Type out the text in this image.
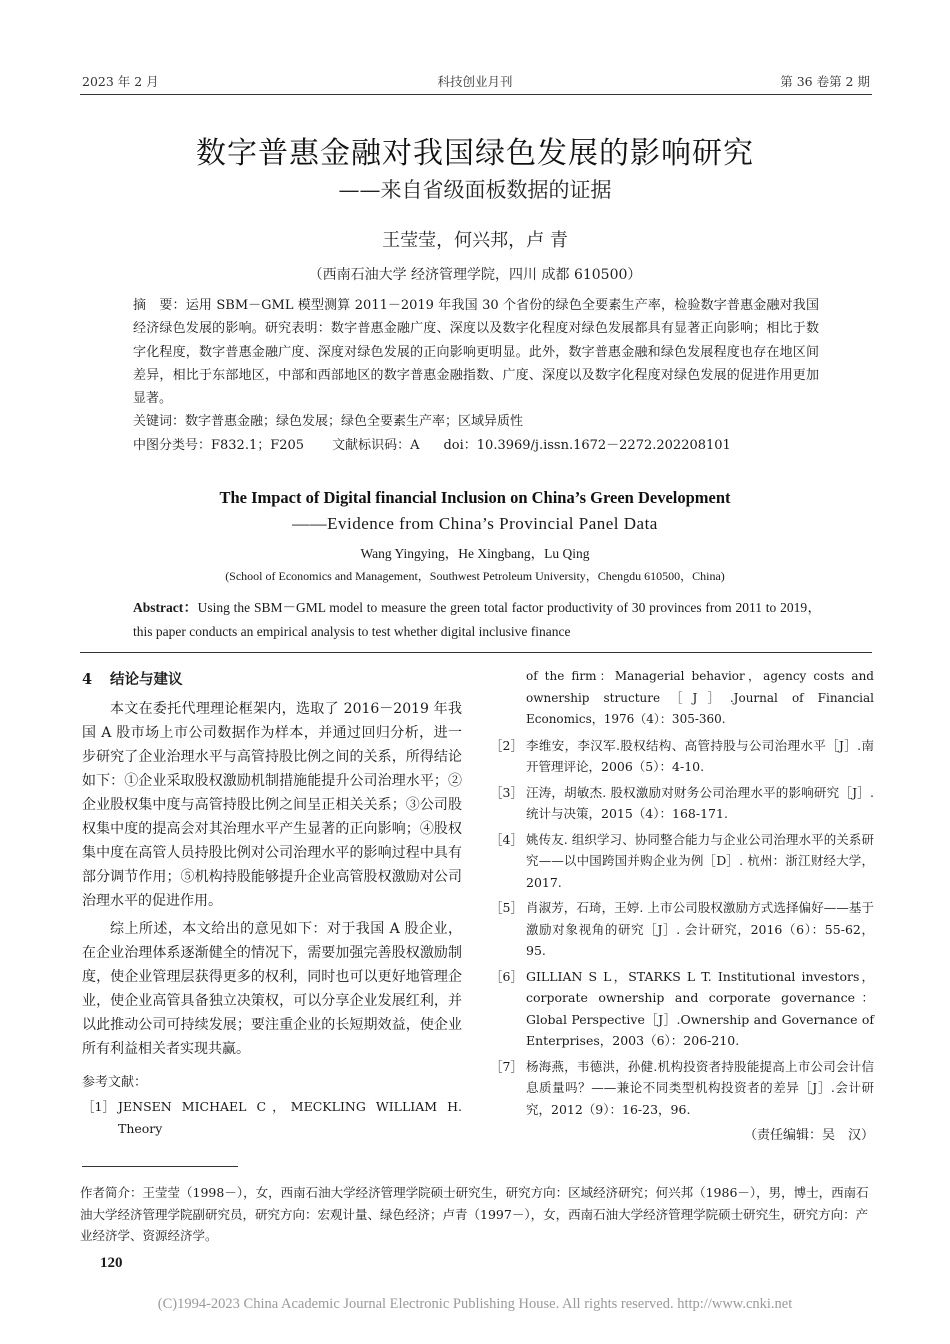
2023 年 2 月	科技创业月刊	第 36 卷第 2 期
数字普惠金融对我国绿色发展的影响研究
——来自省级面板数据的证据
王莹莹，何兴邦，卢 青
（西南石油大学 经济管理学院，四川 成都 610500）
摘　要：运用 SBM－GML 模型测算 2011－2019 年我国 30 个省份的绿色全要素生产率，检验数字普惠金融对我国经济绿色发展的影响。研究表明：数字普惠金融广度、深度以及数字化程度对绿色发展都具有显著正向影响；相比于数字化程度，数字普惠金融广度、深度对绿色发展的正向影响更明显。此外，数字普惠金融和绿色发展程度也存在地区间差异，相比于东部地区，中部和西部地区的数字普惠金融指数、广度、深度以及数字化程度对绿色发展的促进作用更加显著。
关键词：数字普惠金融；绿色发展；绿色全要素生产率；区域异质性
中图分类号：F832.1；F205 文献标识码：A doi：10.3969/j.issn.1672－2272.202208101
The Impact of Digital financial Inclusion on China’s Green Development
——Evidence from China’s Provincial Panel Data
Wang Yingying，He Xingbang，Lu Qing
(School of Economics and Management，Southwest Petroleum University，Chengdu 610500，China)
Abstract：Using the SBM－GML model to measure the green total factor productivity of 30 provinces from 2011 to 2019，this paper conducts an empirical analysis to test whether digital inclusive finance
4 结论与建议

本文在委托代理理论框架内，选取了 2016－2019 年我国 A 股市场上市公司数据作为样本，并通过回归分析，进一步研究了企业治理水平与高管持股比例之间的关系，所得结论如下：①企业采取股权激励机制措施能提升公司治理水平；②企业股权集中度与高管持股比例之间呈正相关关系；③公司股权集中度的提高会对其治理水平产生显著的正向影响；④股权集中度在高管人员持股比例对公司治理水平的影响过程中具有部分调节作用；⑤机构持股能够提升企业高管股权激励对公司治理水平的促进作用。

综上所述，本文给出的意见如下：对于我国 A 股企业，在企业治理体系逐渐健全的情况下，需要加强完善股权激励制度，使企业管理层获得更多的权利，同时也可以更好地管理企业，使企业高管具备独立决策权，可以分享企业发展红利，并以此推动公司可持续发展；要注重企业的长短期效益，使企业所有利益相关者实现共赢。

参考文献：
［1］ JENSEN MICHAEL C，MECKLING WILLIAM H. Theory
of the firm：Managerial behavior，agency costs and ownership structure［J］.Journal of Financial Economics，1976（4）：305-360.
［2］ 李维安，李汉军.股权结构、高管持股与公司治理水平［J］.南开管理评论，2006（5）：4-10.
［3］ 汪涛，胡敏杰. 股权激励对财务公司治理水平的影响研究［J］.统计与决策，2015（4）：168-171.
［4］ 姚传友. 组织学习、协同整合能力与企业公司治理水平的关系研究——以中国跨国并购企业为例［D］. 杭州：浙江财经大学，2017.
［5］ 肖淑芳，石琦，王婷. 上市公司股权激励方式选择偏好——基于激励对象视角的研究［J］. 会计研究，2016（6）：55-62，95.
［6］ GILLIAN S L，STARKS L T. Institutional investors，corporate ownership and corporate governance：Global Perspective［J］.Ownership and Governance of Enterprises，2003（6）：206-210.
［7］ 杨海燕，韦德洪，孙健.机构投资者持股能提高上市公司会计信息质量吗？——兼论不同类型机构投资者的差异［J］.会计研究，2012（9）：16-23，96.
（责任编辑：吴　汉）
作者简介：王莹莹（1998－），女，西南石油大学经济管理学院硕士研究生，研究方向：区域经济研究；何兴邦（1986－），男，博士，西南石油大学经济管理学院副研究员，研究方向：宏观计量、绿色经济；卢青（1997－），女，西南石油大学经济管理学院硕士研究生，研究方向：产业经济学、资源经济学。
120
(C)1994-2023 China Academic Journal Electronic Publishing House. All rights reserved. http://www.cnki.net
